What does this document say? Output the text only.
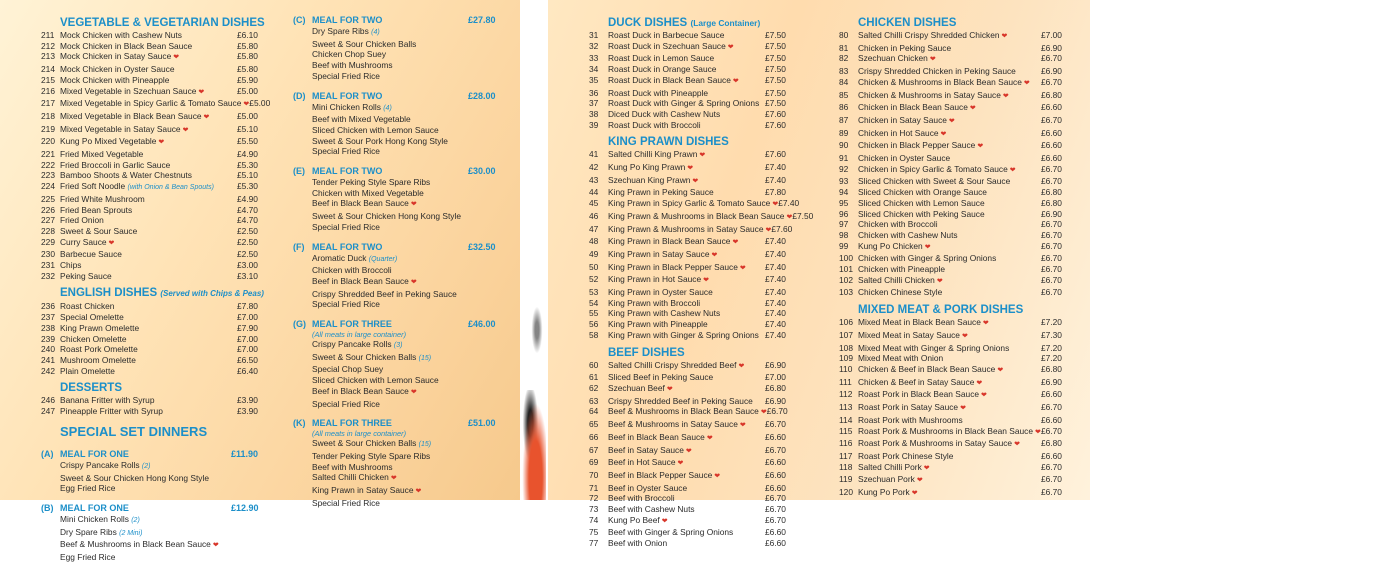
VEGETABLE & VEGETARIAN DISHES
211 Mock Chicken with Cashew Nuts	£6.10
212 Mock Chicken in Black Bean Sauce	£5.80
213 Mock Chicken in Satay Sauce ❤	£5.80
214 Mock Chicken in Oyster Sauce	£5.80
215 Mock Chicken with Pineapple	£5.90
216 Mixed Vegetable in Szechuan Sauce ❤	£5.00
217 Mixed Vegetable in Spicy Garlic & Tomato Sauce ❤ £5.00
218 Mixed Vegetable in Black Bean Sauce ❤	£5.00
219 Mixed Vegetable in Satay Sauce ❤	£5.10
220 Kung Po Mixed Vegetable ❤	£5.50
221 Fried Mixed Vegetable	£4.90
222 Fried Broccoli in Garlic Sauce	£5.30
223 Bamboo Shoots & Water Chestnuts	£5.10
224 Fried Soft Noodle (with Onion & Bean Spouts)	£5.30
225 Fried White Mushroom	£4.90
226 Fried Bean Sprouts	£4.70
227 Fried Onion	£4.70
228 Sweet & Sour Sauce	£2.50
229 Curry Sauce ❤	£2.50
230 Barbecue Sauce	£2.50
231 Chips	£3.00
232 Peking Sauce	£3.10
ENGLISH DISHES (Served with Chips & Peas)
236 Roast Chicken	£7.80
237 Special Omelette	£7.00
238 King Prawn Omelette	£7.90
239 Chicken Omelette	£7.00
240 Roast Pork Omelette	£7.00
241 Mushroom Omelette	£6.50
242 Plain Omelette	£6.40
DESSERTS
246 Banana Fritter with Syrup	£3.90
247 Pineapple Fritter with Syrup	£3.90
SPECIAL SET DINNERS
(A) MEAL FOR ONE	£11.90
Crispy Pancake Rolls (2)
Sweet & Sour Chicken Hong Kong Style
Egg Fried Rice
(B) MEAL FOR ONE	£12.90
Mini Chicken Rolls (2)
Dry Spare Ribs (2 Mini)
Beef & Mushrooms in Black Bean Sauce ❤
Egg Fried Rice
(C) MEAL FOR TWO	£27.80
Dry Spare Ribs (4)
Sweet & Sour Chicken Balls
Chicken Chop Suey
Beef with Mushrooms
Special Fried Rice
(D) MEAL FOR TWO	£28.00
Mini Chicken Rolls (4)
Beef with Mixed Vegetable
Sliced Chicken with Lemon Sauce
Sweet & Sour Pork Hong Kong Style
Special Fried Rice
(E) MEAL FOR TWO	£30.00
Tender Peking Style Spare Ribs
Chicken with Mixed Vegetable
Beef in Black Bean Sauce ❤
Sweet & Sour Chicken Hong Kong Style
Special Fried Rice
(F) MEAL FOR TWO	£32.50
Aromatic Duck (Quarter)
Chicken with Broccoli
Beef in Black Bean Sauce ❤
Crispy Shredded Beef in Peking Sauce
Special Fried Rice
(G) MEAL FOR THREE	£46.00
(All meats in large container)
Crispy Pancake Rolls (3)
Sweet & Sour Chicken Balls (15)
Special Chop Suey
Sliced Chicken with Lemon Sauce
Beef in Black Bean Sauce ❤
Special Fried Rice
(K) MEAL FOR THREE	£51.00
(All meats in large container)
Sweet & Sour Chicken Balls (15)
Tender Peking Style Spare Ribs
Beef with Mushrooms
Salted Chilli Chicken ❤
King Prawn in Satay Sauce ❤
Special Fried Rice
DUCK DISHES (Large Container)
31	Roast Duck in Barbecue Sauce	£7.50
32	Roast Duck in Szechuan Sauce ❤	£7.50
33	Roast Duck in Lemon Sauce	£7.50
34	Roast Duck in Orange Sauce	£7.50
35	Roast Duck in Black Bean Sauce ❤	£7.50
36	Roast Duck with Pineapple	£7.50
37	Roast Duck with Ginger & Spring Onions £7.50
38	Diced Duck with Cashew Nuts	£7.60
39	Roast Duck with Broccoli	£7.60
KING PRAWN DISHES
41	Salted Chilli King Prawn ❤	£7.60
42	Kung Po King Prawn ❤	£7.40
43	Szechuan King Prawn ❤	£7.40
44	King Prawn in Peking Sauce	£7.80
45	King Prawn in Spicy Garlic & Tomato Sauce ❤ £7.40
46	King Prawn & Mushrooms in Black Bean Sauce ❤ £7.50
47	King Prawn & Mushrooms in Satay Sauce ❤ £7.60
48	King Prawn in Black Bean Sauce ❤	£7.40
49	King Prawn in Satay Sauce ❤	£7.40
50	King Prawn in Black Pepper Sauce ❤	£7.40
52	King Prawn in Hot Sauce ❤	£7.40
53	King Prawn in Oyster Sauce	£7.40
54	King Prawn with Broccoli	£7.40
55	King Prawn with Cashew Nuts	£7.40
56	King Prawn with Pineapple	£7.40
58	King Prawn with Ginger & Spring Onions £7.40
BEEF DISHES
60	Salted Chilli Crispy Shredded Beef ❤	£6.90
61	Sliced Beef in Peking Sauce	£7.00
62	Szechuan Beef ❤	£6.80
63	Crispy Shredded Beef in Peking Sauce	£6.90
64	Beef & Mushrooms in Black Bean Sauce ❤ £6.70
65	Beef & Mushrooms in Satay Sauce ❤	£6.70
66	Beef in Black Bean Sauce ❤	£6.60
67	Beef in Satay Sauce ❤	£6.70
69	Beef in Hot Sauce ❤	£6.60
70	Beef in Black Pepper Sauce ❤	£6.60
71	Beef in Oyster Sauce	£6.60
72	Beef with Broccoli	£6.70
73	Beef with Cashew Nuts	£6.70
74	Kung Po Beef ❤	£6.70
75	Beef with Ginger & Spring Onions	£6.60
77	Beef with Onion	£6.60
CHICKEN DISHES
80	Salted Chilli Crispy Shredded Chicken ❤	£7.00
81	Chicken in Peking Sauce	£6.90
82	Szechuan Chicken ❤	£6.70
83	Crispy Shredded Chicken in Peking Sauce	£6.90
84	Chicken & Mushrooms in Black Bean Sauce ❤	£6.70
85	Chicken & Mushrooms in Satay Sauce ❤	£6.80
86	Chicken in Black Bean Sauce ❤	£6.60
87	Chicken in Satay Sauce ❤	£6.70
89	Chicken in Hot Sauce ❤	£6.60
90	Chicken in Black Pepper Sauce ❤	£6.60
91	Chicken in Oyster Sauce	£6.60
92	Chicken in Spicy Garlic & Tomato Sauce ❤	£6.70
93	Sliced Chicken with Sweet & Sour Sauce	£6.70
94	Sliced Chicken with Orange Sauce	£6.80
95	Sliced Chicken with Lemon Sauce	£6.80
96	Sliced Chicken with Peking Sauce	£6.90
97	Chicken with Broccoli	£6.70
98	Chicken with Cashew Nuts	£6.70
99	Kung Po Chicken ❤	£6.70
100 Chicken with Ginger & Spring Onions	£6.70
101 Chicken with Pineapple	£6.70
102 Salted Chilli Chicken ❤	£6.70
103 Chicken Chinese Style	£6.70
MIXED MEAT & PORK DISHES
106 Mixed Meat in Black Bean Sauce ❤	£7.20
107 Mixed Meat in Satay Sauce ❤	£7.30
108 Mixed Meat with Ginger & Spring Onions	£7.20
109 Mixed Meat with Onion	£7.20
110 Chicken & Beef in Black Bean Sauce ❤	£6.80
111 Chicken & Beef in Satay Sauce ❤	£6.90
112 Roast Pork in Black Bean Sauce ❤	£6.60
113 Roast Pork in Satay Sauce ❤	£6.70
114 Roast Pork with Mushrooms	£6.60
115 Roast Pork & Mushrooms in Black Bean Sauce ❤ £6.70
116 Roast Pork & Mushrooms in Satay Sauce ❤	£6.80
117 Roast Pork Chinese Style	£6.60
118 Salted Chilli Pork ❤	£6.70
119 Szechuan Pork ❤	£6.70
120 Kung Po Pork ❤	£6.70
